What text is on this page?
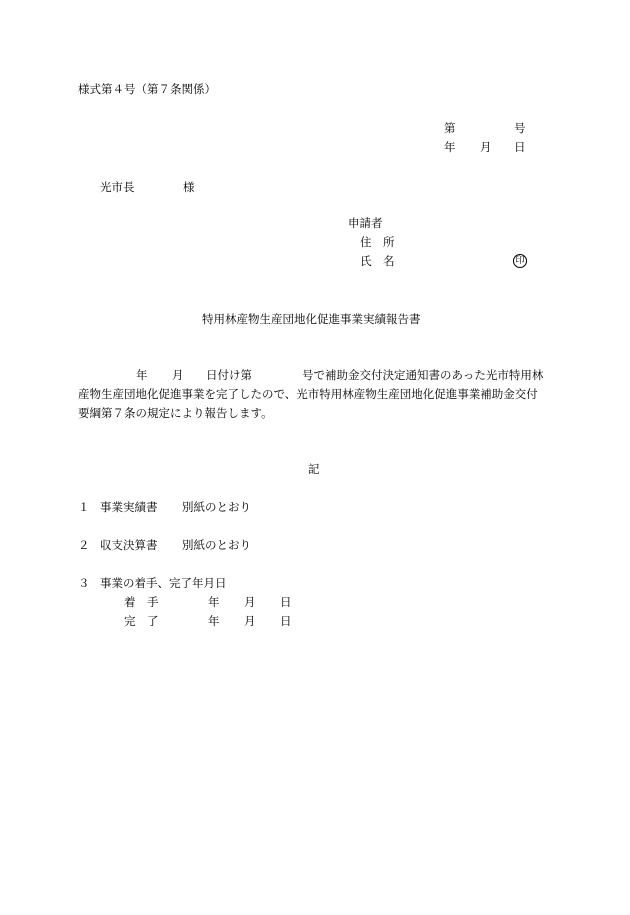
様式第４号（第７条関係）
第	号
年 月 日
光市長	様
申請者
住　所
氏　名	印
特用林産物生産団地化促進事業実績報告書
年 月 日付け第	号で補助金交付決定通知書のあった光市特用林
産物生産団地化促進事業を完了したので、光市特用林産物生産団地化促進事業補助金交付
要綱第７条の規定により報告します。
記
１ 事業実績書 別紙のとおり
２ 収支決算書 別紙のとおり
３ 事業の着手、完了年月日
着　手	年 月 日
完　了	年 月 日
